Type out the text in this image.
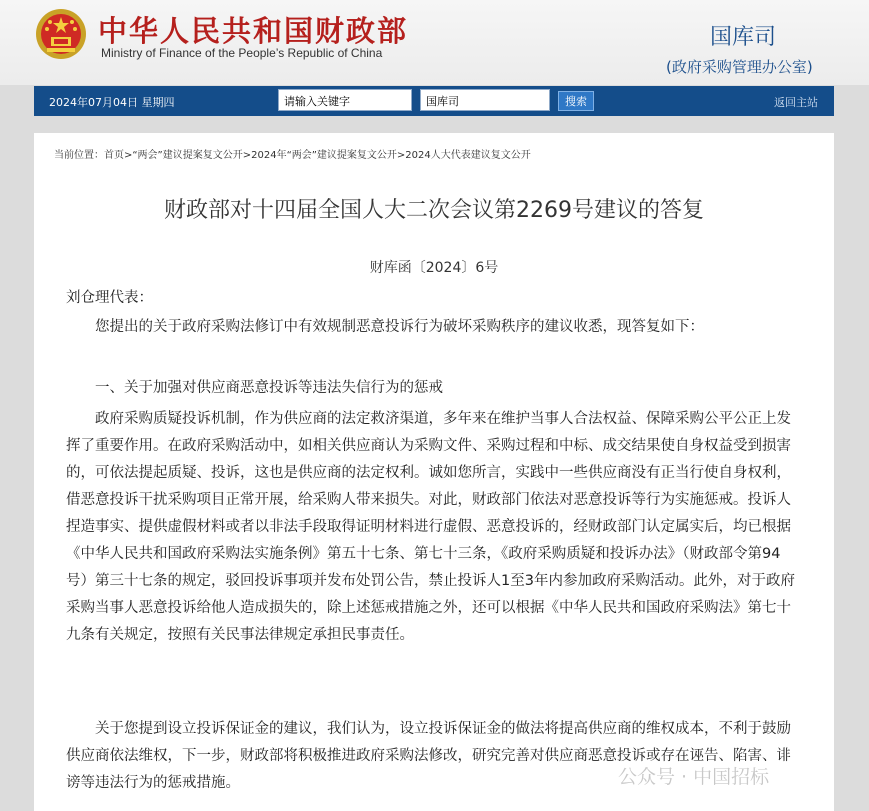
中华人民共和国财政部
Ministry of Finance of the People’s Republic of China
国库司
(政府采购管理办公室)
2024年07月04日 星期四	请输入关键字	国库司	搜索	返回主站
当前位置：首页>“两会”建议提案复文公开>2024年“两会”建议提案复文公开>2024人大代表建议复文公开
财政部对十四届全国人大二次会议第2269号建议的答复
财库函〔2024〕6号
刘仓理代表：
您提出的关于政府采购法修订中有效规制恶意投诉行为破坏采购秩序的建议收悉，现答复如下：
一、关于加强对供应商恶意投诉等违法失信行为的惩戒
政府采购质疑投诉机制，作为供应商的法定救济渠道，多年来在维护当事人合法权益、保障采购公平公正上发挥了重要作用。在政府采购活动中，如相关供应商认为采购文件、采购过程和中标、成交结果使自身权益受到损害的，可依法提起质疑、投诉，这也是供应商的法定权利。诚如您所言，实践中一些供应商没有正当行使自身权利，借恶意投诉干扰采购项目正常开展，给采购人带来损失。对此，财政部门依法对恶意投诉等行为实施惩戒。投诉人捏造事实、提供虚假材料或者以非法手段取得证明材料进行虚假、恶意投诉的，经财政部门认定属实后，均已根据《中华人民共和国政府采购法实施条例》第五十七条、第七十三条，《政府采购质疑和投诉办法》（财政部令第94号）第三十七条的规定，驳回投诉事项并发布处罚公告，禁止投诉人1至3年内参加政府采购活动。此外，对于政府采购当事人恶意投诉给他人造成损失的，除上述惩戒措施之外，还可以根据《中华人民共和国政府采购法》第七十九条有关规定，按照有关民事法律规定承担民事责任。
关于您提到设立投诉保证金的建议，我们认为，设立投诉保证金的做法将提高供应商的维权成本，不利于鼓励供应商依法维权，下一步，财政部将积极推进政府采购法修改，研究完善对供应商恶意投诉或存在诬告、陷害、诽谤等违法行为的惩戒措施。	公众号 · 中国招标
